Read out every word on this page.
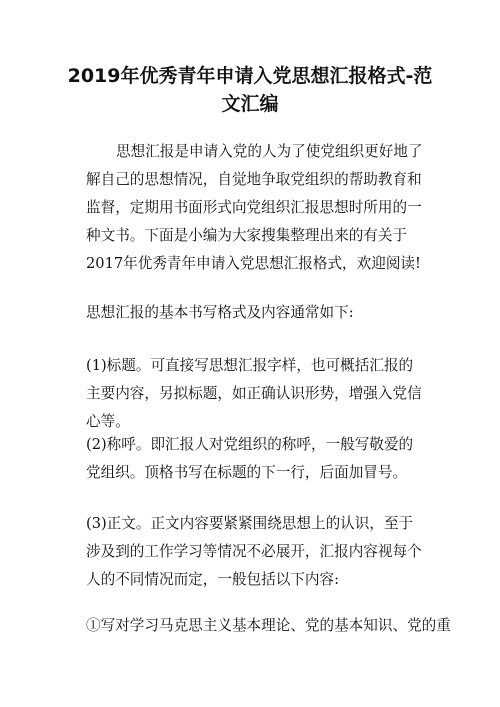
2019年优秀青年申请入党思想汇报格式-范文汇编

思想汇报是申请入党的人为了使党组织更好地了解自己的思想情况，自觉地争取党组织的帮助教育和监督，定期用书面形式向党组织汇报思想时所用的一种文书。下面是小编为大家搜集整理出来的有关于2017年优秀青年申请入党思想汇报格式，欢迎阅读!

思想汇报的基本书写格式及内容通常如下:

(1)标题。可直接写思想汇报字样，也可概括汇报的主要内容，另拟标题，如正确认识形势，增强入党信心等。

(2)称呼。即汇报人对党组织的称呼，一般写敬爱的党组织。顶格书写在标题的下一行，后面加冒号。

(3)正文。正文内容要紧紧围绕思想上的认识，至于涉及到的工作学习等情况不必展开，汇报内容视每个人的不同情况而定，一般包括以下内容:

①写对学习马克思主义基本理论、党的基本知识、党的重
